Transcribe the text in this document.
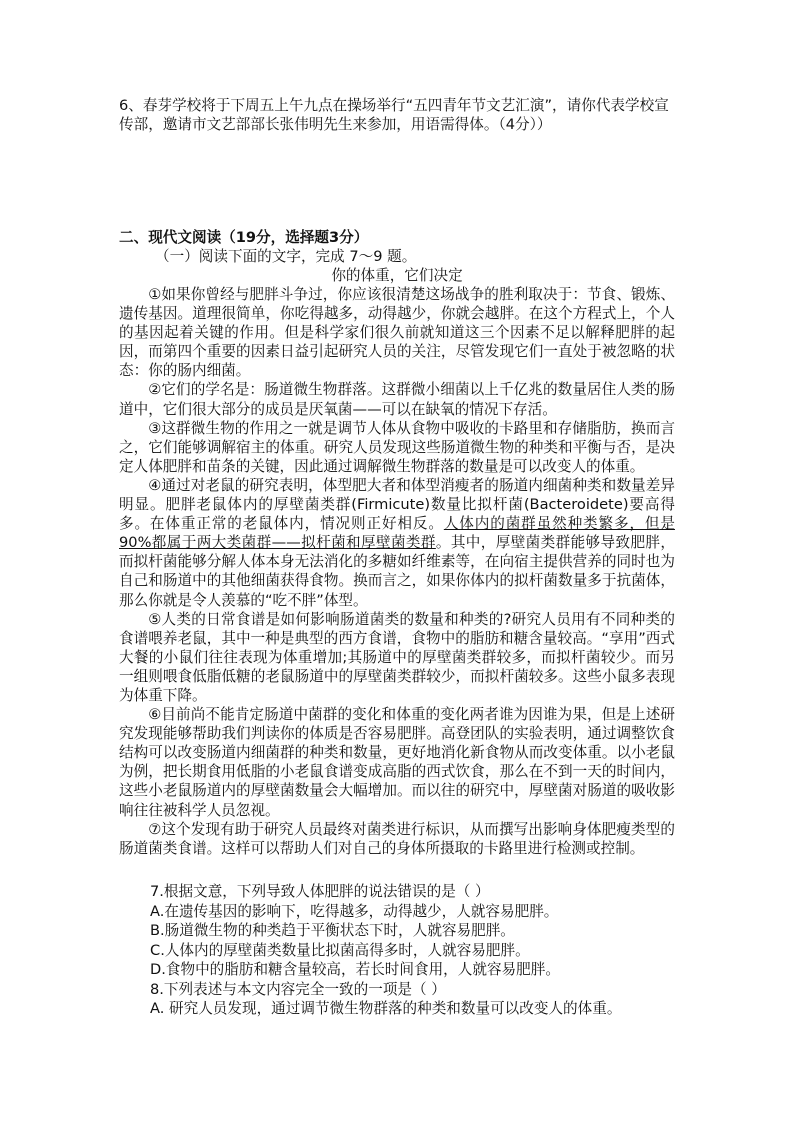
6、春芽学校将于下周五上午九点在操场举行“五四青年节文艺汇演”，请你代表学校宣传部，邀请市文艺部部长张伟明先生来参加，用语需得体。（4分））
二、现代文阅读（19分，选择题3分）
（一）阅读下面的文字，完成 7～9 题。
你的体重，它们决定

①如果你曾经与肥胖斗争过，你应该很清楚这场战争的胜利取决于：节食、锻炼、遗传基因。道理很简单，你吃得越多，动得越少，你就会越胖。在这个方程式上，个人的基因起着关键的作用。但是科学家们很久前就知道这三个因素不足以解释肥胖的起因，而第四个重要的因素日益引起研究人员的关注，尽管发现它们一直处于被忽略的状态：你的肠内细菌。

②它们的学名是：肠道微生物群落。这群微小细菌以上千亿兆的数量居住人类的肠道中，它们很大部分的成员是厌氧菌——可以在缺氧的情况下存活。

③这群微生物的作用之一就是调节人体从食物中吸收的卡路里和存储脂肪，换而言之，它们能够调解宿主的体重。研究人员发现这些肠道微生物的种类和平衡与否，是决定人体肥胖和苗条的关键，因此通过调解微生物群落的数量是可以改变人的体重。

④通过对老鼠的研究表明，体型肥大者和体型消瘦者的肠道内细菌种类和数量差异明显。肥胖老鼠体内的厚壁菌类群(Firmicute)数量比拟杆菌(Bacteroidete)要高得多。在体重正常的老鼠体内，情况则正好相反。人体内的菌群虽然种类繁多，但是 90%都属于两大类菌群——拟杆菌和厚壁菌类群。其中，厚壁菌类群能够导致肥胖，而拟杆菌能够分解人体本身无法消化的多糖如纤维素等，在向宿主提供营养的同时也为自己和肠道中的其他细菌获得食物。换而言之，如果你体内的拟杆菌数量多于抗菌体，那么你就是令人羡慕的“吃不胖”体型。

⑤人类的日常食谱是如何影响肠道菌类的数量和种类的?研究人员用有不同种类的食谱喂养老鼠，其中一种是典型的西方食谱，食物中的脂肪和糖含量较高。“享用”西式大餐的小鼠们往往表现为体重增加;其肠道中的厚壁菌类群较多，而拟杆菌较少。而另一组则喂食低脂低糖的老鼠肠道中的厚壁菌类群较少，而拟杆菌较多。这些小鼠多表现为体重下降。

⑥目前尚不能肯定肠道中菌群的变化和体重的变化两者谁为因谁为果，但是上述研究发现能够帮助我们判读你的体质是否容易肥胖。高登团队的实验表明，通过调整饮食结构可以改变肠道内细菌群的种类和数量，更好地消化新食物从而改变体重。以小老鼠为例，把长期食用低脂的小老鼠食谱变成高脂的西式饮食，那么在不到一天的时间内，这些小老鼠肠道内的厚壁菌数量会大幅增加。而以往的研究中，厚壁菌对肠道的吸收影响往往被科学人员忽视。

⑦这个发现有助于研究人员最终对菌类进行标识，从而撰写出影响身体肥瘦类型的肠道菌类食谱。这样可以帮助人们对自己的身体所摄取的卡路里进行检测或控制。

7.根据文意，下列导致人体肥胖的说法错误的是（ ）
A.在遗传基因的影响下，吃得越多，动得越少，人就容易肥胖。
B.肠道微生物的种类趋于平衡状态下时，人就容易肥胖。
C.人体内的厚壁菌类数量比拟菌高得多时，人就容易肥胖。
D.食物中的脂肪和糖含量较高，若长时间食用，人就容易肥胖。
8.下列表述与本文内容完全一致的一项是（ ）
A. 研究人员发现，通过调节微生物群落的种类和数量可以改变人的体重。
